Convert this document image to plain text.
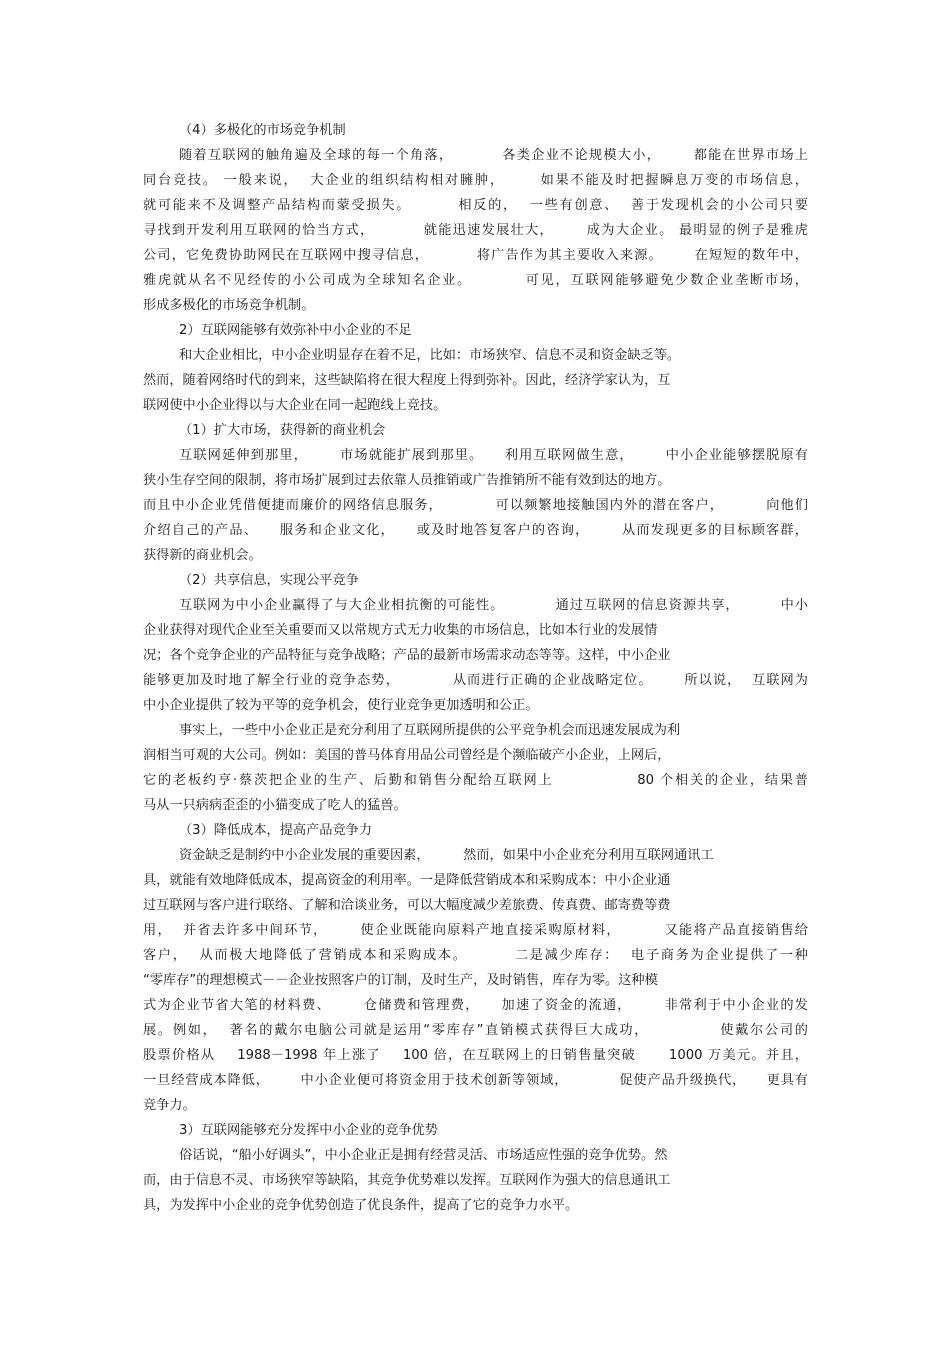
（4）多极化的市场竞争机制
随着互联网的触角遍及全球的每一个角落，         各类企业不论规模大小，      都能在世界市场上
同台竞技。 一般来说，  大企业的组织结构相对臃肿，      如果不能及时把握瞬息万变的市场信息，
就可能来不及调整产品结构而蒙受损失。        相反的，  一些有创意、  善于发现机会的小公司只要
寻找到开发利用互联网的恰当方式，         就能迅速发展壮大，      成为大企业。 最明显的例子是雅虎
公司，它免费协助网民在互联网中搜寻信息，         将广告作为其主要收入来源。      在短短的数年中，
雅虎就从名不见经传的小公司成为全球知名企业。         可见，互联网能够避免少数企业垄断市场，
形成多极化的市场竞争机制。
2）互联网能够有效弥补中小企业的不足
和大企业相比，中小企业明显存在着不足，比如：市场狭窄、信息不灵和资金缺乏等。
然而，随着网络时代的到来，这些缺陷将在很大程度上得到弥补。因此，经济学家认为，互
联网使中小企业得以与大企业在同一起跑线上竞技。
（1）扩大市场，获得新的商业机会
互联网延伸到那里，      市场就能扩展到那里。    利用互联网做生意，      中小企业能够摆脱原有
狭小生存空间的限制，将市场扩展到过去依靠人员推销或广告推销所不能有效到达的地方。
而且中小企业凭借便捷而廉价的网络信息服务，          可以频繁地接触国内外的潜在客户，        向他们
介绍自己的产品、    服务和企业文化，    或及时地答复客户的咨询，      从而发现更多的目标顾客群，
获得新的商业机会。
（2）共享信息，实现公平竞争
互联网为中小企业赢得了与大企业相抗衡的可能性。          通过互联网的信息资源共享，        中小
企业获得对现代企业至关重要而又以常规方式无力收集的市场信息，比如本行业的发展情
况；各个竞争企业的产品特征与竞争战略；产品的最新市场需求动态等等。这样，中小企业
能够更加及时地了解全行业的竞争态势，          从而进行正确的企业战略定位。      所以说，  互联网为
中小企业提供了较为平等的竞争机会，使行业竞争更加透明和公正。
事实上，一些中小企业正是充分利用了互联网所提供的公平竞争机会而迅速发展成为利
润相当可观的大公司。例如：美国的普马体育用品公司曾经是个濒临破产小企业，上网后，
它的老板约亨·蔡茨把企业的生产、后勤和销售分配给互联网上              80 个相关的企业，结果普
马从一只病病歪歪的小猫变成了吃人的猛兽。
（3）降低成本，提高产品竞争力
资金缺乏是制约中小企业发展的重要因素，        然而，如果中小企业充分利用互联网通讯工
具，就能有效地降低成本，提高资金的利用率。一是降低营销成本和采购成本：中小企业通
过互联网与客户进行联络、了解和洽谈业务，可以大幅度减少差旅费、传真费、邮寄费等费
用，  并省去许多中间环节，      使企业既能向原料产地直接采购原材料，        又能将产品直接销售给
客户，  从而极大地降低了营销成本和采购成本。        二是减少库存：  电子商务为企业提供了一种
“零库存”的理想模式－－企业按照客户的订制，及时生产，及时销售，库存为零。这种模
式为企业节省大笔的材料费、      仓储费和管理费，    加速了资金的流通，      非常利于中小企业的发
展。例如，  著名的戴尔电脑公司就是运用“零库存”直销模式获得巨大成功，            使戴尔公司的
股票价格从    1988－1998 年上涨了    100 倍，在互联网上的日销售量突破      1000 万美元。并且，
一旦经营成本降低，      中小企业便可将资金用于技术创新等领域，          促使产品升级换代，    更具有
竞争力。
3）互联网能够充分发挥中小企业的竞争优势
俗话说，“船小好调头”，中小企业正是拥有经营灵活、市场适应性强的竞争优势。然
而，由于信息不灵、市场狭窄等缺陷，其竞争优势难以发挥。互联网作为强大的信息通讯工
具，为发挥中小企业的竞争优势创造了优良条件，提高了它的竞争力水平。
